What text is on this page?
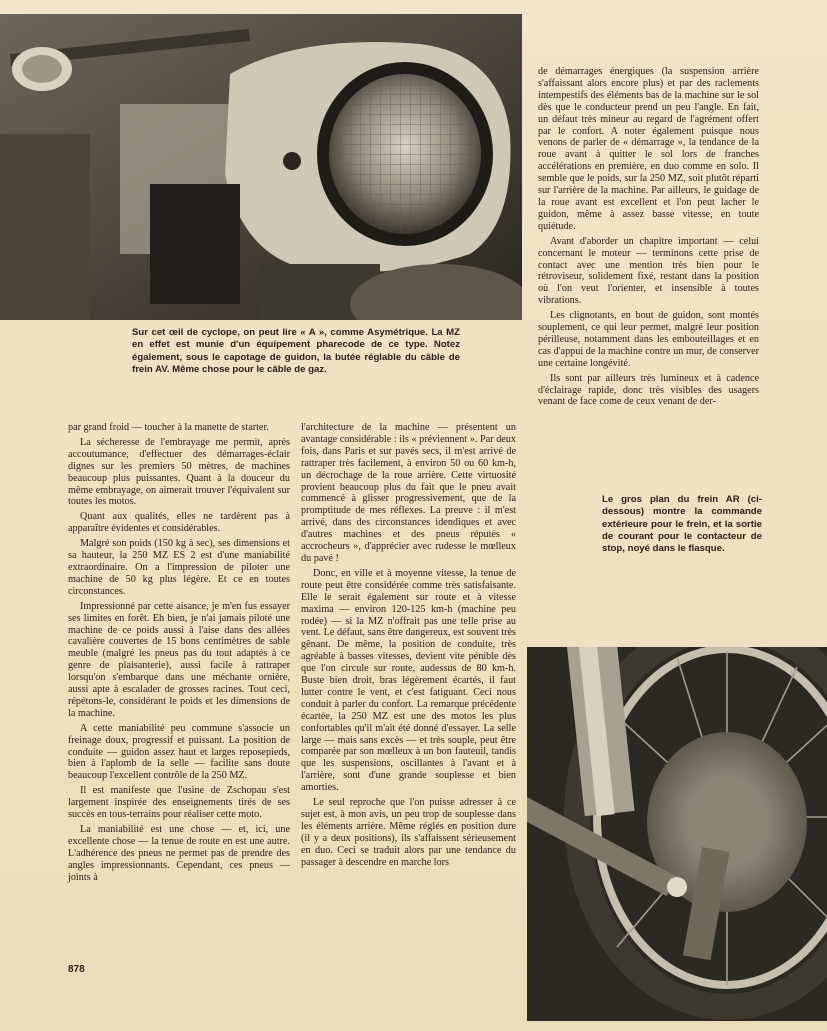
Sur cet œil de cyclope, on peut lire « A », comme Asymétrique. La MZ en effet est munie d'un équipement pharecode de ce type. Notez également, sous le capotage de guidon, la butée réglable du câble de frein AV. Même chose pour le câble de gaz.

par grand froid — toucher à la manette de starter.

La sécheresse de l'embrayage me permit, après accoutumance, d'effectuer des démarrages-éclair dignes sur les premiers 50 mètres, de machines beaucoup plus puissantes. Quant à la douceur du même embrayage, on aimerait trouver l'équivalent sur toutes les motos.

Quant aux qualités, elles ne tardèrent pas à apparaître évidentes et considérables.

Malgré son poids (150 kg à sec), ses dimensions et sa hauteur, la 250 MZ ES 2 est d'une maniabilité extraordinaire. On a l'impression de piloter une machine de 50 kg plus légère. Et ce en toutes circonstances.

Impressionné par cette aisance, je m'en fus essayer ses limites en forêt. Eh bien, je n'ai jamais piloté une machine de ce poids aussi à l'aise dans des allées cavalière couvertes de 15 bons centimètres de sable meuble (malgré les pneus pas du tout adaptés à ce genre de plaisanterie), aussi facile à rattraper lorsqu'on s'embarque dans une méchante ornière, aussi apte à escalader de grosses racines. Tout ceci, répétons-le, considérant le poids et les dimensions de la machine.

A cette maniabilité peu commune s'associe un freinage doux, progressif et puissant. La position de conduite — guidon assez haut et larges reposepieds, bien à l'aplomb de la selle — facilite sans doute beaucoup l'excellent contrôle de la 250 MZ.

Il est manifeste que l'usine de Zschopau s'est largement inspirée des enseignements tirés de ses succès en tous-terrains pour réaliser cette moto.

La maniabilité est une chose — et, ici, une excellente chose — la tenue de route en est une autre. L'adhérence des pneus ne permet pas de prendre des angles impressionnants. Cependant, ces pneus — joints à

l'architecture de la machine — présentent un avantage considérable : ils « préviennent ». Par deux fois, dans Paris et sur pavés secs, il m'est arrivé de rattraper très facilement, à environ 50 ou 60 km-h, un décrochage de la roue arrière. Cette virtuosité provient beaucoup plus du fait que le pneu avait commencé à glisser progressivement, que de la promptitude de mes réflexes. La preuve : il m'est arrivé, dans des circonstances idendiques et avec d'autres machines et des pneus réputés « accrocheurs », d'apprécier avec rudesse le mœlleux du pavé !

Donc, en ville et à moyenne vitesse, la tenue de route peut être considérée comme très satisfaisante. Elle le serait également sur route et à vitesse maxima — environ 120-125 km-h (machine peu rodée) — si la MZ n'offrait pas une telle prise au vent. Le défaut, sans être dangereux, est souvent très gênant. De même, la position de conduite, très agréable à basses vitesses, devient vite pénible dès que l'on circule sur route, audessus de 80 km-h. Buste bien droit, bras légèrement écartés, il faut lutter contre le vent, et c'est fatiguant. Ceci nous conduit à parler du confort. La remarque précédente écartée, la 250 MZ est une des motos les plus confortables qu'il m'ait été donné d'essayer. La selle large — mais sans excès — et très souple, peut être comparée par son mœlleux à un bon fauteuil, tandis que les suspensions, oscillantes à l'avant et à l'arrière, sont d'une grande souplesse et bien amorties.

Le seul reproche que l'on puisse adresser à ce sujet est, à mon avis, un peu trop de souplesse dans les éléments arrière. Même réglés en position dure (il y a deux positions), ils s'affaissent sérieusement en duo. Ceci se traduit alors par une tendance du passager à descendre en marche lors

de démarrages énergiques (la suspension arrière s'affaissant alors encore plus) et par des raclements intempestifs des éléments bas de la machine sur le sol dès que le conducteur prend un peu l'angle. En fait, un défaut très mineur au regard de l'agrément offert par le confort. A noter également puisque nous venons de parler de « démarrage », la tendance de la roue avant à quitter le sol lors de franches accélérations en première, en duo comme en solo. Il semble que le poids, sur la 250 MZ, soit plutôt réparti sur l'arrière de la machine. Par ailleurs, le guidage de la roue avant est excellent et l'on peut lacher le guidon, même à assez basse vitesse, en toute quiétude.

Avant d'aborder un chapitre important — celui concernant le moteur — terminons cette prise de contact avec une mention très bien pour le rétroviseur, solidement fixé, restant dans la position où l'on veut l'orienter, et insensible à toutes vibrations.

Les clignotants, en bout de guidon, sont montés souplement, ce qui leur permet, malgré leur position périlleuse, notamment dans les embouteillages et en cas d'appui de la machine contre un mur, de conserver une certaine longévité.

Ils sont par ailleurs très lumineux et à cadence d'éclairage rapide, donc très visibles des usagers venant de face come de ceux venant de der-

Le gros plan du frein AR (ci-dessous) montre la commande extérieure pour le frein, et la sortie de courant pour le contacteur de stop, noyé dans le flasque.
878
